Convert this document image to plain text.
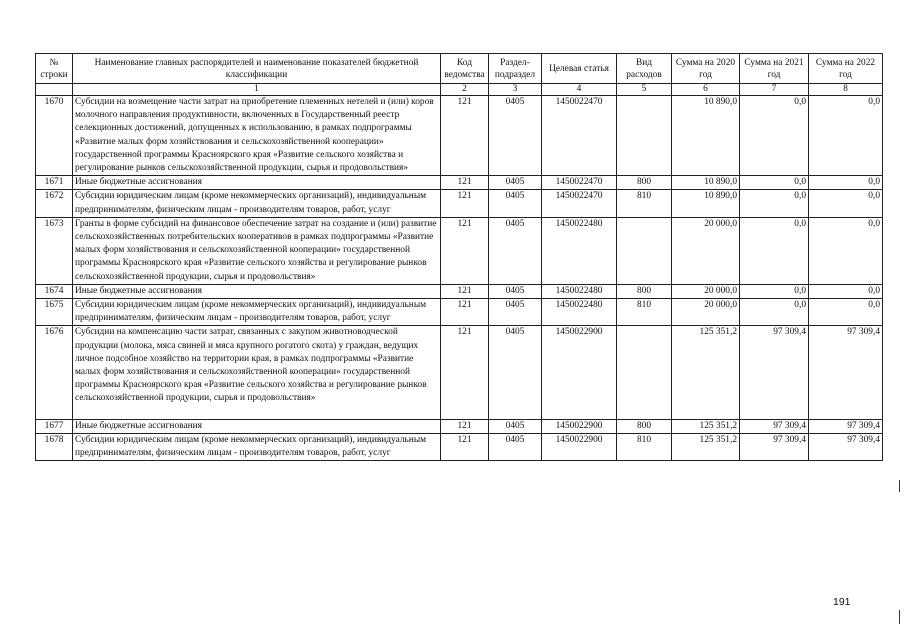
№ строки	Наименование главных распорядителей и наименование показателей бюджетной классификации	Код ведомства	Раздел-подраздел	Целевая статья	Вид расходов	Сумма на 2020 год	Сумма на 2021 год	Сумма на 2022 год
	1	2	3	4	5	6	7	8
1670	Субсидии на возмещение части затрат на приобретение племенных нетелей и (или) коров молочного направления продуктивности, включенных в Государственный реестр селекционных достижений, допущенных к использованию, в рамках подпрограммы «Развитие малых форм хозяйствования и сельскохозяйственной кооперации» государственной программы Красноярского края «Развитие сельского хозяйства и регулирование рынков сельскохозяйственной продукции, сырья и продовольствия»	121	0405	1450022470		10 890,0	0,0	0,0
1671	Иные бюджетные ассигнования	121	0405	1450022470	800	10 890,0	0,0	0,0
1672	Субсидии юридическим лицам (кроме некоммерческих организаций), индивидуальным предпринимателям, физическим лицам - производителям товаров, работ, услуг	121	0405	1450022470	810	10 890,0	0,0	0,0
1673	Гранты в форме субсидий на финансовое обеспечение затрат на создание и (или) развитие сельскохозяйственных потребительских кооперативов в рамках подпрограммы «Развитие малых форм хозяйствования и сельскохозяйственной кооперации» государственной программы Красноярского края «Развитие сельского хозяйства и регулирование рынков сельскохозяйственной продукции, сырья и продовольствия»	121	0405	1450022480		20 000,0	0,0	0,0
1674	Иные бюджетные ассигнования	121	0405	1450022480	800	20 000,0	0,0	0,0
1675	Субсидии юридическим лицам (кроме некоммерческих организаций), индивидуальным предпринимателям, физическим лицам - производителям товаров, работ, услуг	121	0405	1450022480	810	20 000,0	0,0	0,0
1676	Субсидии на компенсацию части затрат, связанных с закупом животноводческой продукции (молока, мяса свиней и мяса крупного рогатого скота) у граждан, ведущих личное подсобное хозяйство на территории края, в рамках подпрограммы «Развитие малых форм хозяйствования и сельскохозяйственной кооперации» государственной программы Красноярского края «Развитие сельского хозяйства и регулирование рынков сельскохозяйственной продукции, сырья и продовольствия»	121	0405	1450022900		125 351,2	97 309,4	97 309,4
1677	Иные бюджетные ассигнования	121	0405	1450022900	800	125 351,2	97 309,4	97 309,4
1678	Субсидии юридическим лицам (кроме некоммерческих организаций), индивидуальным предпринимателям, физическим лицам - производителям товаров, работ, услуг	121	0405	1450022900	810	125 351,2	97 309,4	97 309,4
191
